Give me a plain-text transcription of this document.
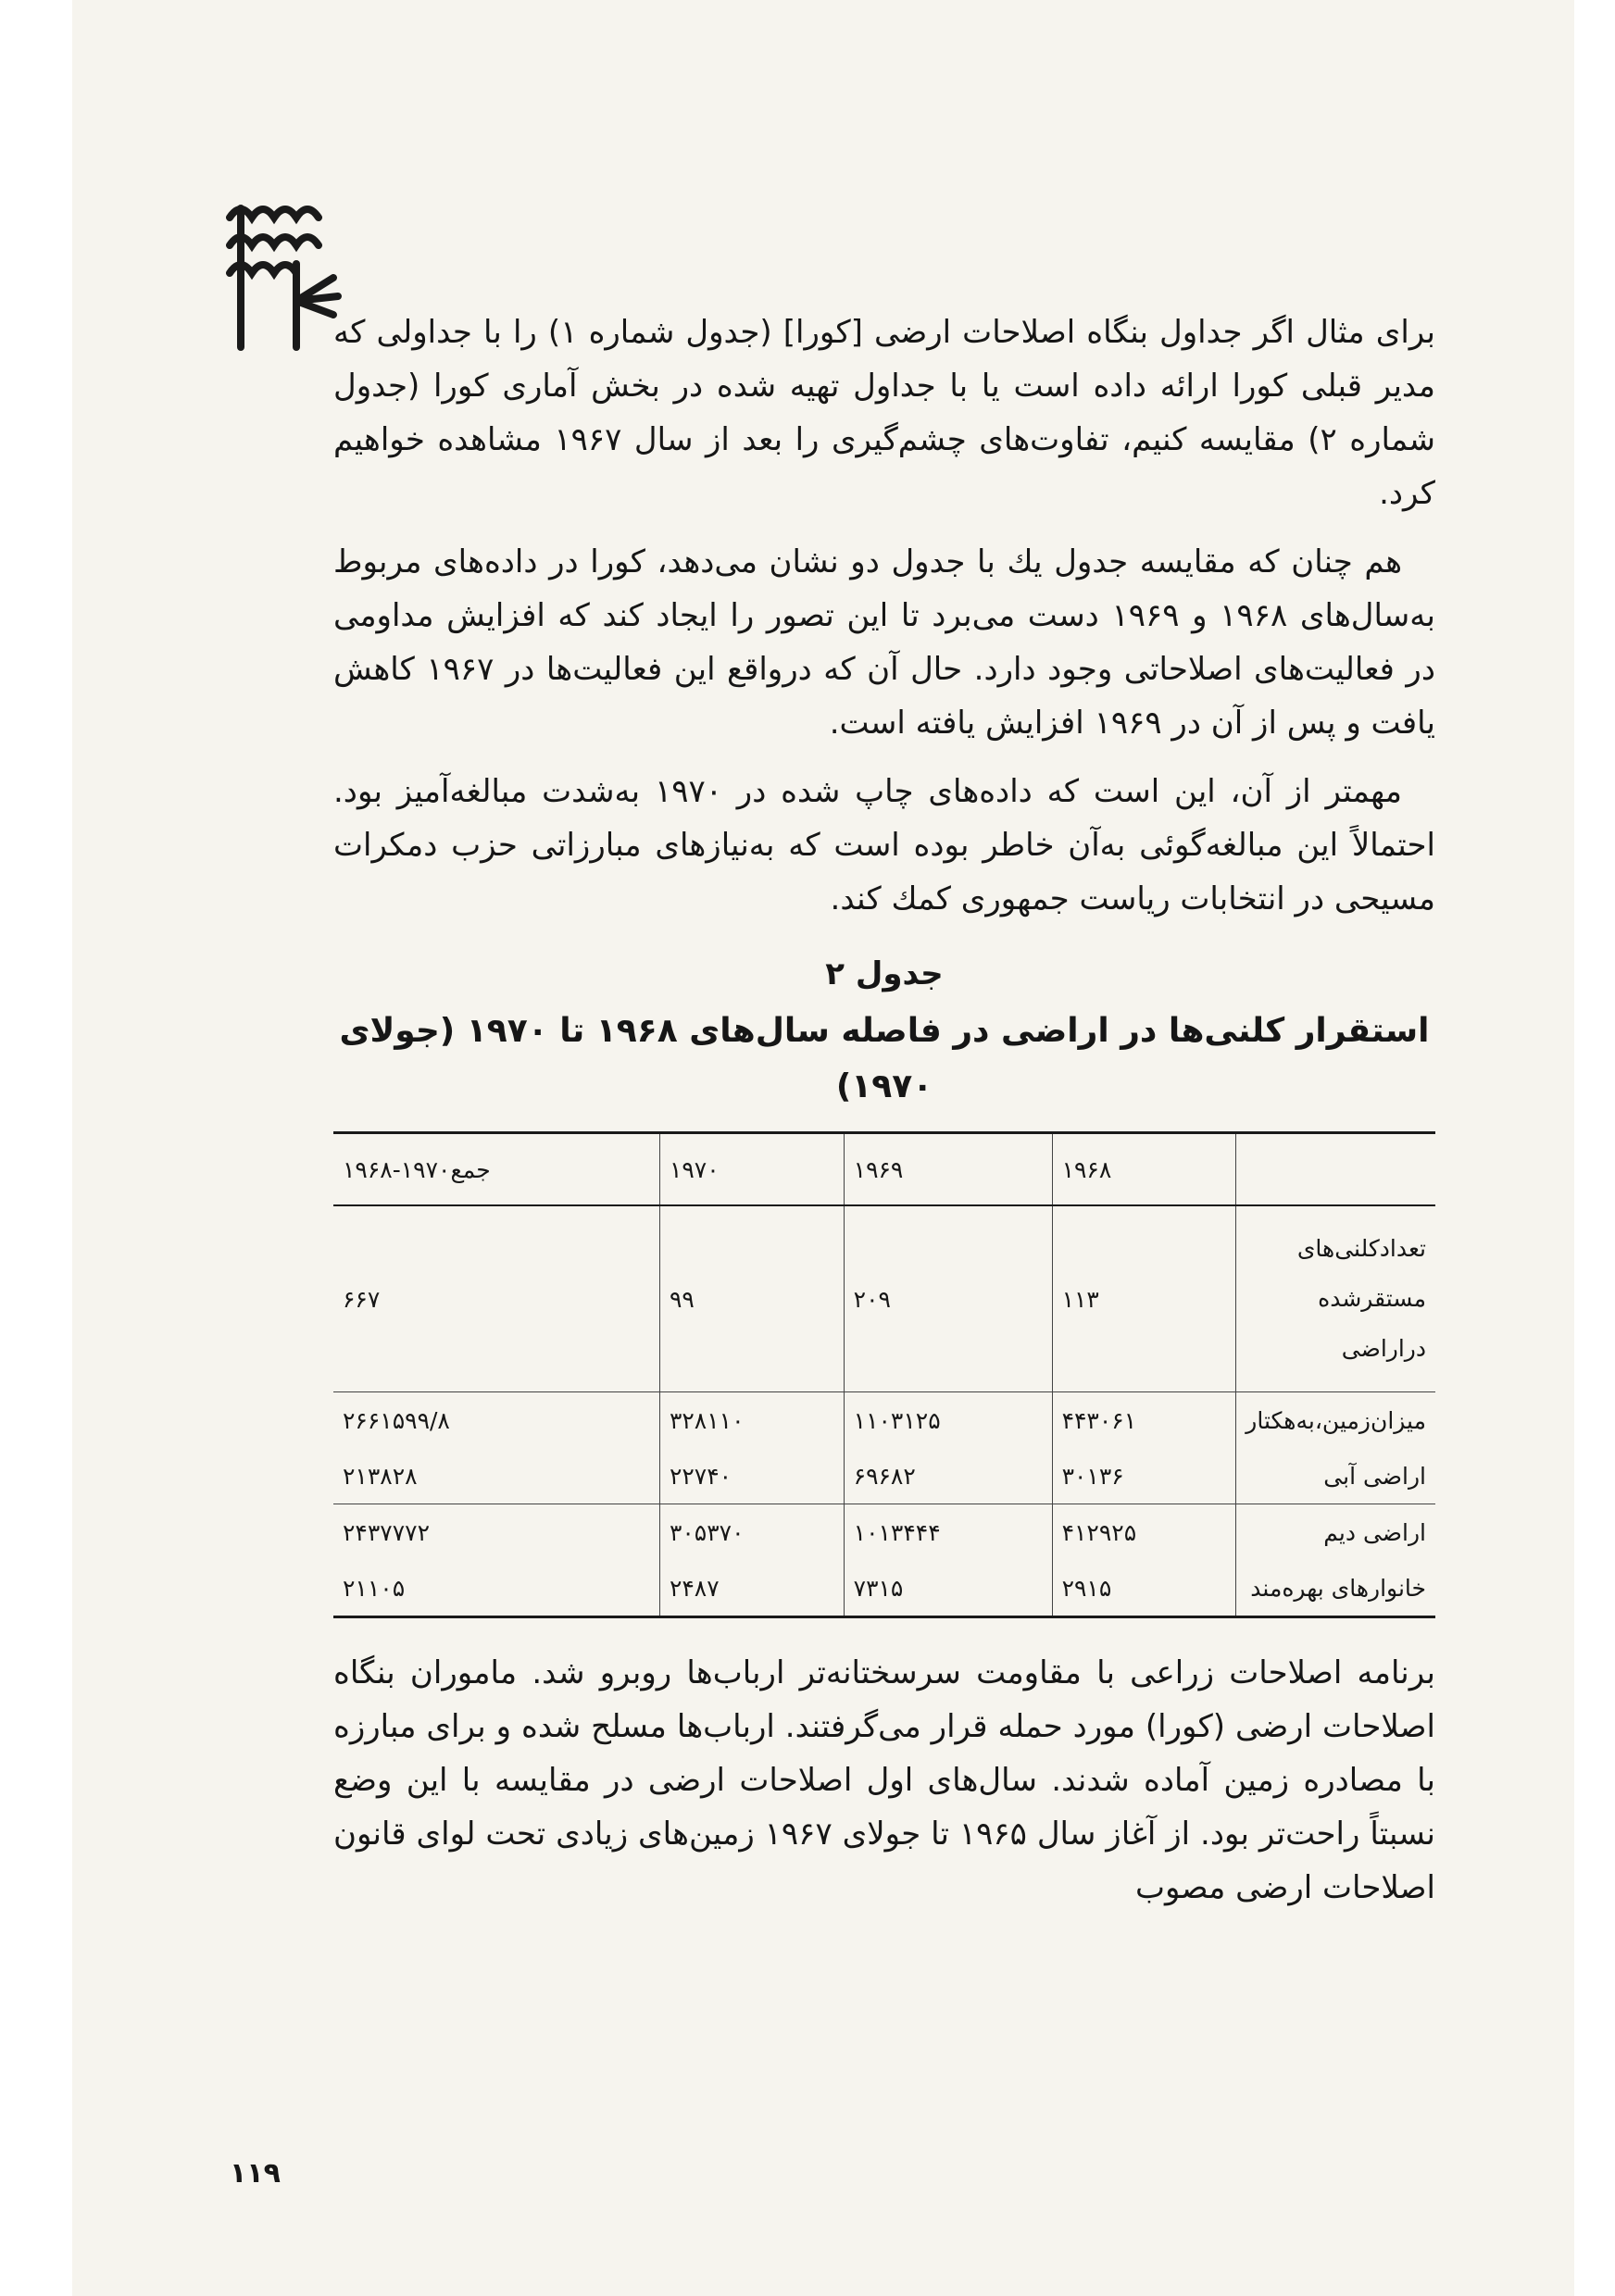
برای مثال اگر جداول بنگاه اصلاحات ارضی [کورا] (جدول شماره ۱) را با جداولی که مدیر قبلی کورا ارائه داده است یا با جداول تهیه شده در بخش آماری کورا (جدول شماره ۲) مقایسه کنیم، تفاوت‌های چشم‌گیری را بعد از سال ۱۹۶۷ مشاهده خواهیم کرد.

هم چنان که مقایسه جدول یك با جدول دو نشان می‌دهد، کورا در داده‌های مربوط به‌سال‌های ۱۹۶۸ و ۱۹۶۹ دست می‌برد تا این تصور را ایجاد کند که افزایش مداومی در فعالیت‌های اصلاحاتی وجود دارد. حال آن که درواقع این فعالیت‌ها در ۱۹۶۷ کاهش یافت و پس از آن در ۱۹۶۹ افزایش یافته است.

مهمتر از آن، این است که داده‌های چاپ شده در ۱۹۷۰ به‌شدت مبالغه‌آمیز بود. احتمالاً این مبالغه‌گوئی به‌آن خاطر بوده است که به‌نیازهای مبارزاتی حزب دمکرات مسیحی در انتخابات ریاست جمهوری کمك کند.

جدول ۲
استقرار کلنی‌ها در اراضی در فاصله سال‌های ۱۹۶۸ تا ۱۹۷۰ (جولای ۱۹۷۰)
	۱۹۶۸	۱۹۶۹	۱۹۷۰	جمع۱۹۷۰-۱۹۶۸

تعدادکلنی‌های
مستقرشده
دراراضی	۱۱۳	۲۰۹	۹۹	۶۶۷
میزان‌زمین،به‌هکتار	۴۴۳۰۶۱	۱۱۰۳۱۲۵	۳۲۸۱۱۰	۲۶۶۱۵۹۹/۸
اراضی آبی	۳۰۱۳۶	۶۹۶۸۲	۲۲۷۴۰	۲۱۳۸۲۸
اراضی دیم	۴۱۲۹۲۵	۱۰۱۳۴۴۴	۳۰۵۳۷۰	۲۴۳۷۷۷۲
خانوارهای بهره‌مند	۲۹۱۵	۷۳۱۵	۲۴۸۷	۲۱۱۰۵

برنامه اصلاحات زراعی با مقاومت سرسختانه‌تر ارباب‌ها روبرو شد. ماموران بنگاه اصلاحات ارضی (کورا) مورد حمله قرار می‌گرفتند. ارباب‌ها مسلح شده و برای مبارزه با مصادره زمین آماده شدند. سال‌های اول اصلاحات ارضی در مقایسه با این وضع نسبتاً راحت‌تر بود. از آغاز سال ۱۹۶۵ تا جولای ۱۹۶۷ زمین‌های زیادی تحت لوای قانون اصلاحات ارضی مصوب

۱۱۹
